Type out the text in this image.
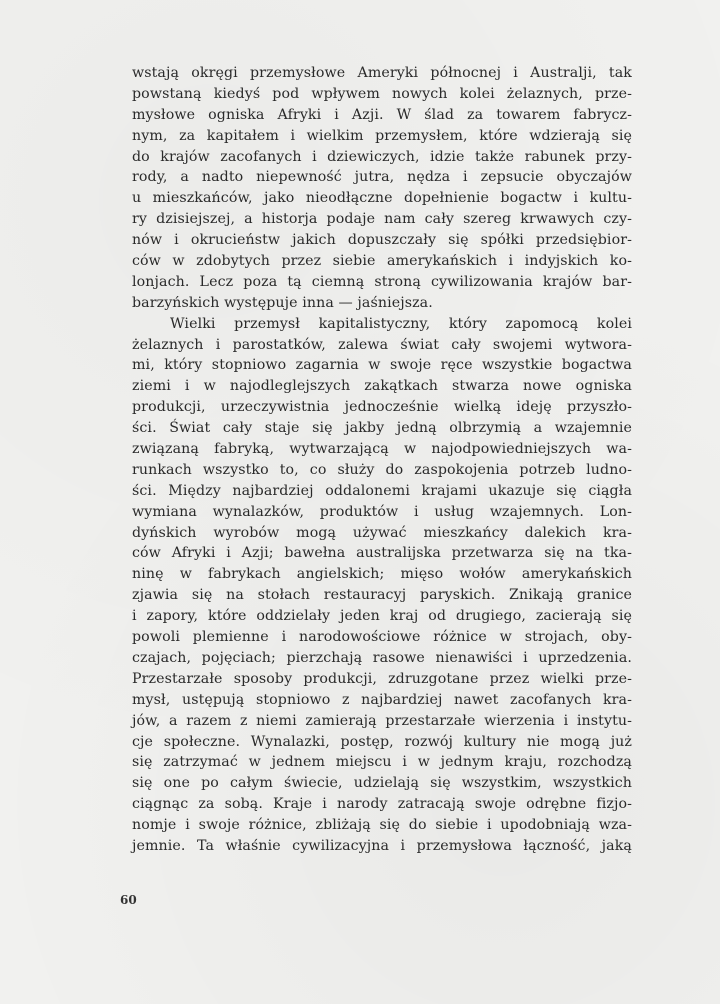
wstają okręgi przemysłowe Ameryki północnej i Australji, tak
powstaną kiedyś pod wpływem nowych kolei żelaznych, prze-
mysłowe ogniska Afryki i Azji. W ślad za towarem fabrycz-
nym, za kapitałem i wielkim przemysłem, które wdzierają się
do krajów zacofanych i dziewiczych, idzie także rabunek przy-
rody, a nadto niepewność jutra, nędza i zepsucie obyczajów
u mieszkańców, jako nieodłączne dopełnienie bogactw i kultu-
ry dzisiejszej, a historja podaje nam cały szereg krwawych czy-
nów i okrucieństw jakich dopuszczały się spółki przedsiębior-
ców w zdobytych przez siebie amerykańskich i indyjskich ko-
lonjach. Lecz poza tą ciemną stroną cywilizowania krajów bar-
barzyńskich występuje inna — jaśniejsza.
Wielki przemysł kapitalistyczny, który zapomocą kolei
żelaznych i parostatków, zalewa świat cały swojemi wytwora-
mi, który stopniowo zagarnia w swoje ręce wszystkie bogactwa
ziemi i w najodleglejszych zakątkach stwarza nowe ogniska
produkcji, urzeczywistnia jednocześnie wielką ideję przyszło-
ści. Świat cały staje się jakby jedną olbrzymią a wzajemnie
związaną fabryką, wytwarzającą w najodpowiedniejszych wa-
runkach wszystko to, co służy do zaspokojenia potrzeb ludno-
ści. Między najbardziej oddalonemi krajami ukazuje się ciągła
wymiana wynalazków, produktów i usług wzajemnych. Lon-
dyńskich wyrobów mogą używać mieszkańcy dalekich kra-
ców Afryki i Azji; bawełna australijska przetwarza się na tka-
ninę w fabrykach angielskich; mięso wołów amerykańskich
zjawia się na stołach restauracyj paryskich. Znikają granice
i zapory, które oddzielały jeden kraj od drugiego, zacierają się
powoli plemienne i narodowościowe różnice w strojach, oby-
czajach, pojęciach; pierzchają rasowe nienawiści i uprzedzenia.
Przestarzałe sposoby produkcji, zdruzgotane przez wielki prze-
mysł, ustępują stopniowo z najbardziej nawet zacofanych kra-
jów, a razem z niemi zamierają przestarzałe wierzenia i instytu-
cje społeczne. Wynalazki, postęp, rozwój kultury nie mogą już
się zatrzymać w jednem miejscu i w jednym kraju, rozchodzą
się one po całym świecie, udzielają się wszystkim, wszystkich
ciągnąc za sobą. Kraje i narody zatracają swoje odrębne fizjo-
nomje i swoje różnice, zbliżają się do siebie i upodobniają wza-
jemnie. Ta właśnie cywilizacyjna i przemysłowa łączność, jaką
60
